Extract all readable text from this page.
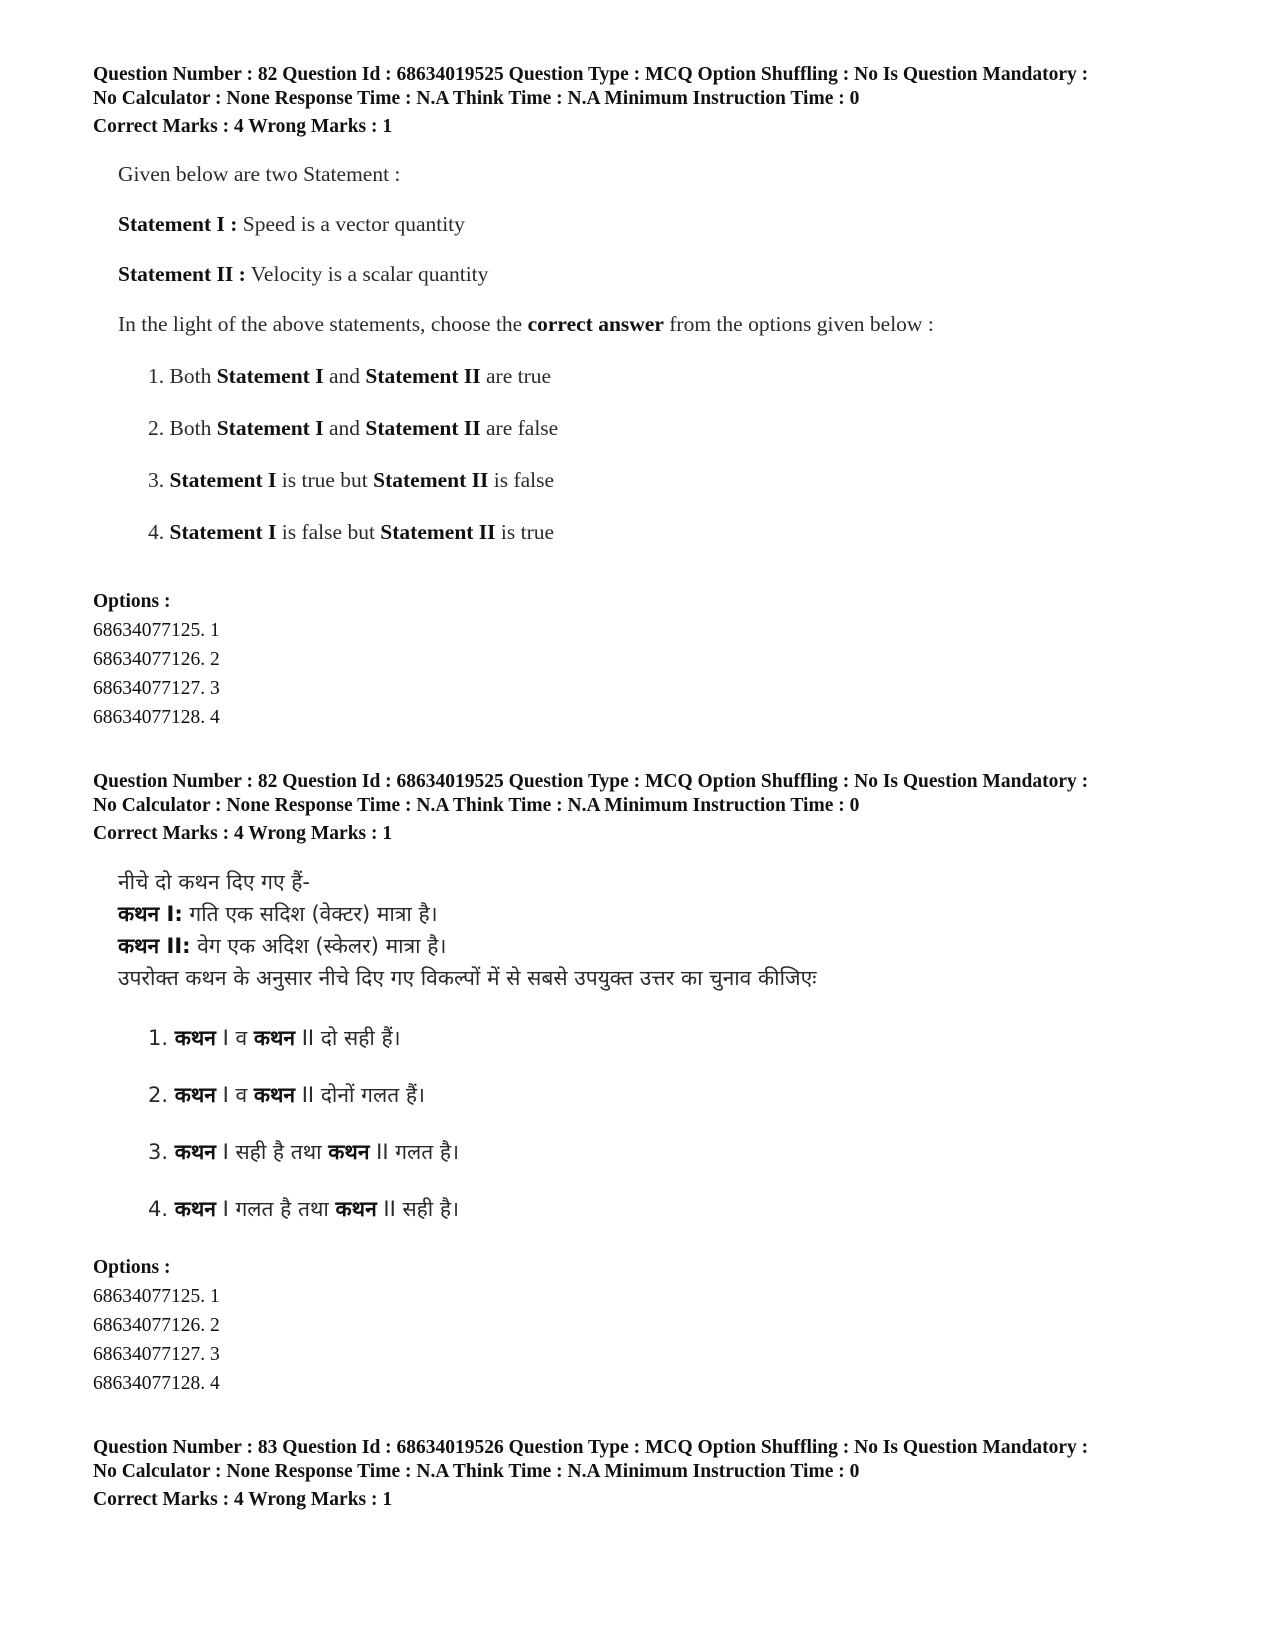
Question Number : 82 Question Id : 68634019525 Question Type : MCQ Option Shuffling : No Is Question Mandatory :
No Calculator : None Response Time : N.A Think Time : N.A Minimum Instruction Time : 0
Correct Marks : 4 Wrong Marks : 1

Given below are two Statement :

Statement I : Speed is a vector quantity

Statement II : Velocity is a scalar quantity

In the light of the above statements, choose the correct answer from the options given below :

1. Both Statement I and Statement II are true

2. Both Statement I and Statement II are false

3. Statement I is true but Statement II is false

4. Statement I is false but Statement II is true

Options :
68634077125. 1
68634077126. 2
68634077127. 3
68634077128. 4
Question Number : 82 Question Id : 68634019525 Question Type : MCQ Option Shuffling : No Is Question Mandatory :
No Calculator : None Response Time : N.A Think Time : N.A Minimum Instruction Time : 0
Correct Marks : 4 Wrong Marks : 1

नीचे दो कथन दिए गए हैं-

कथन I: गति एक सदिश (वेक्टर) मात्रा है।

कथन II: वेग एक अदिश (स्केलर) मात्रा है।

उपरोक्त कथन के अनुसार नीचे दिए गए विकल्पों में से सबसे उपयुक्त उत्तर का चुनाव कीजिएः

1. कथन I व कथन II दो सही हैं।

2. कथन I व कथन II दोनों गलत हैं।

3. कथन I सही है तथा कथन II गलत है।

4. कथन I गलत है तथा कथन II सही है।

Options :
68634077125. 1
68634077126. 2
68634077127. 3
68634077128. 4
Question Number : 83 Question Id : 68634019526 Question Type : MCQ Option Shuffling : No Is Question Mandatory :
No Calculator : None Response Time : N.A Think Time : N.A Minimum Instruction Time : 0
Correct Marks : 4 Wrong Marks : 1
